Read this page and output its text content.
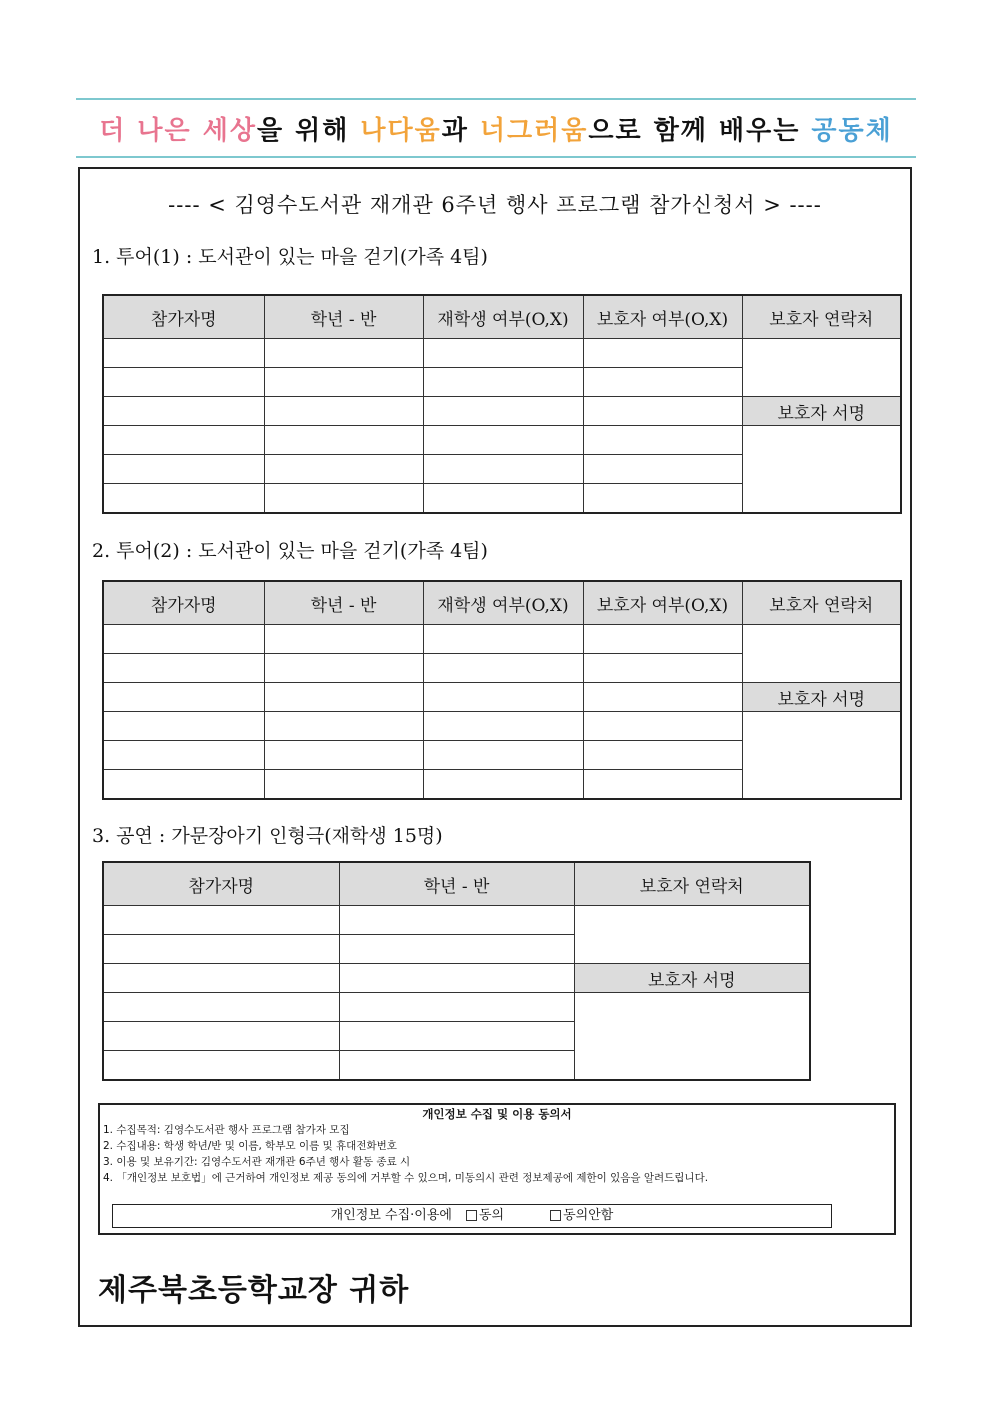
더 나은 세상 을 위해 나다움 과 너그러움 으로 함께 배우는 공동체
---- < 김영수도서관 재개관 6주년 행사 프로그램 참가신청서 > ----
1. 투어(1) : 도서관이 있는 마을 걷기(가족 4팀)
참가자명	학년 - 반	재학생 여부(O,X)	보호자 여부(O,X)	보호자 연락처

				보호자 서명

2. 투어(2) : 도서관이 있는 마을 걷기(가족 4팀)
참가자명	학년 - 반	재학생 여부(O,X)	보호자 여부(O,X)	보호자 연락처

				보호자 서명

3. 공연 : 가문장아기 인형극(재학생 15명)
참가자명	학년 - 반	보호자 연락처

		보호자 서명

개인정보 수집 및 이용 동의서
1. 수집목적: 김영수도서관 행사 프로그램 참가자 모집
2. 수집내용: 학생 학년/반 및 이름, 학부모 이름 및 휴대전화번호
3. 이용 및 보유기간: 김영수도서관 재개관 6주년 행사 활동 종료 시
4. 「개인정보 보호법」에 근거하여 개인정보 제공 동의에 거부할 수 있으며, 미동의시 관련 정보제공에 제한이 있음을 알려드립니다.
개인정보 수집·이용에 동의	동의안함
제주북초등학교장 귀하
